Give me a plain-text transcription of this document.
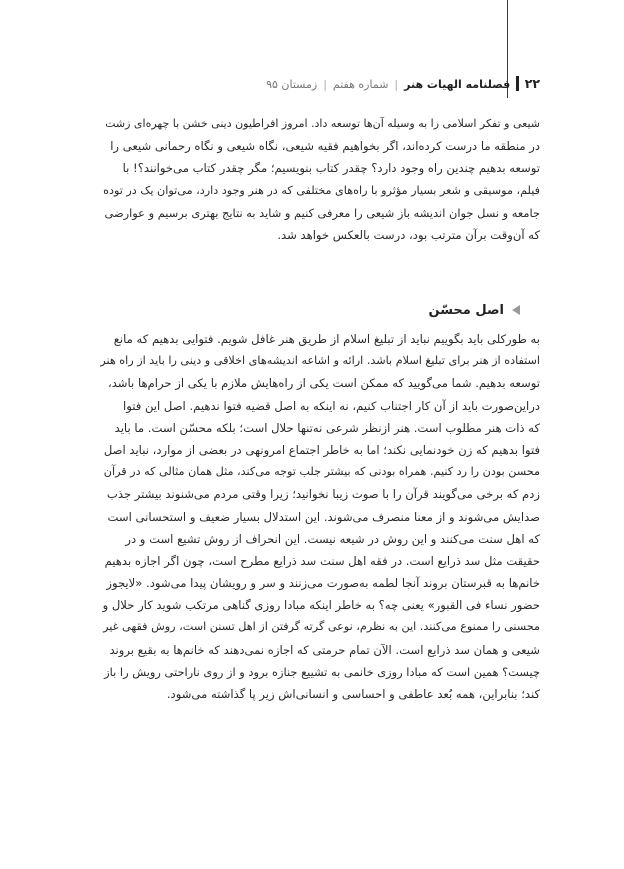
۲۲فصلنامه الهیات هنر|شماره هفتم|زمستان ۹۵
شیعی و تفکر اسلامی را به وسیله آن‌ها توسعه داد. امروز افراطیون دینی خشن با چهره‌ای زشت
در منطقه ما درست کرده‌اند، اگر بخواهیم فقیه شیعی، نگاه شیعی و نگاه رحمانی شیعی را
توسعه بدهیم چندین راه وجود دارد؟ چقدر کتاب بنویسیم؛ مگر چقدر کتاب می‌خوانند؟! با
فیلم، موسیقی و شعر بسیار مؤثرو با راه‌های مختلفی که در هنر وجود دارد، می‌توان یک در توده
جامعه و نسل جوان اندیشه باز شیعی را معرفی کنیم و شاید به نتایج بهتری برسیم و عوارضی
که آن‌وقت برآن مترتب بود، درست بالعکس خواهد شد.
اصل محسّن
به طورکلی باید بگوییم نباید از تبلیغ اسلام از طریق هنر غافل شویم. فتوایی بدهیم که مانع
استفاده از هنر برای تبلیغ اسلام باشد. ارائه و اشاعه اندیشه‌های اخلاقی و دینی را باید از راه هنر
توسعه بدهیم. شما می‌گویید که ممکن است یکی از راه‌هایش ملازم با یکی از حرام‌ها باشد،
دراین‌صورت باید از آن کار اجتناب کنیم، نه اینکه به اصل قضیه فتوا ندهیم. اصل این فتوا
که ذات هنر مطلوب است. هنر ازنظر شرعی نه‌تنها حلال است؛ بلکه محسّن است. ما باید
فتوا بدهیم که زن خودنمایی نکند؛ اما به خاطر اجتماع امرونهی در بعضی از موارد، نباید اصل
محسن بودن را رد کنیم. همراه بودنی که بیشتر جلب توجه می‌کند، مثل همان مثالی که در قرآن
زدم که برخی می‌گویند قرآن را با صوت زیبا نخوانید؛ زیرا وقتی مردم می‌شنوند بیشتر جذب
صدایش می‌شوند و از معنا منصرف می‌شوند. این استدلال بسیار ضعیف و استحسانی است
که اهل سنت می‌کنند و این روش در شیعه نیست. این انحراف از روش تشیع است و در
حقیقت مثل سد ذرایع است. در فقه اهل سنت سد ذرایع مطرح است، چون اگر اجازه بدهیم
خانم‌ها به قبرستان بروند آنجا لطمه به‌صورت می‌زنند و سر و رویشان پیدا می‌شود. «لایجوز
حضور نساء فی القبور» یعنی چه؟ به خاطر اینکه مبادا روزی گناهی مرتکب شوید کار حلال و
محسنی را ممنوع می‌کنند. این به نظرم، نوعی گرته گرفتن از اهل تسنن است، روش فقهی غیر
شیعی و همان سد ذرایع است. الآن تمام حرمتی که اجازه نمی‌دهند که خانم‌ها به بقیع بروند
چیست؟ همین است که مبادا روزی خانمی به تشییع جنازه برود و از روی ناراحتی رویش را باز
کند؛ بنابراین، همه بُعد عاطفی و احساسی و انسانی‌اش زیر پا گذاشته می‌شود.
